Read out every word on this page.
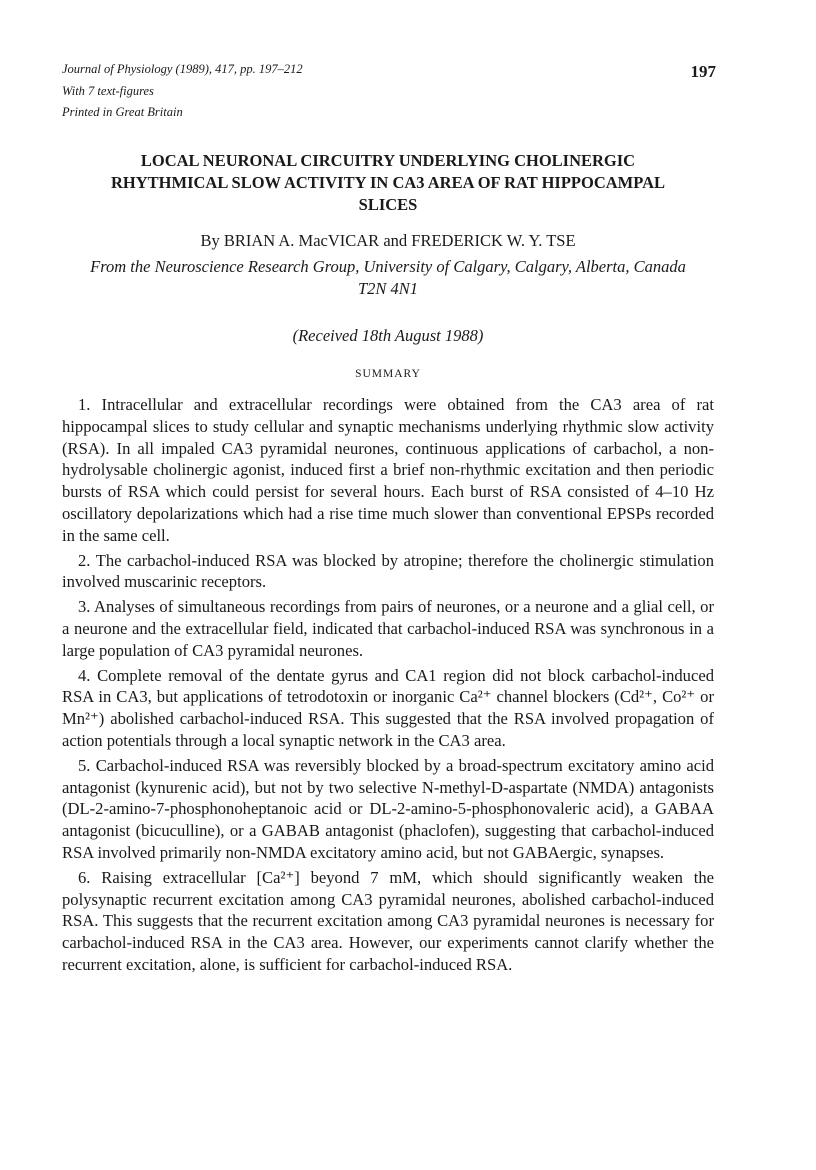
Journal of Physiology (1989), 417, pp. 197–212	197
With 7 text-figures
Printed in Great Britain
LOCAL NEURONAL CIRCUITRY UNDERLYING CHOLINERGIC RHYTHMICAL SLOW ACTIVITY IN CA3 AREA OF RAT HIPPOCAMPAL SLICES
By BRIAN A. MacVICAR and FREDERICK W. Y. TSE
From the Neuroscience Research Group, University of Calgary, Calgary, Alberta, Canada T2N 4N1
(Received 18th August 1988)
SUMMARY

1. Intracellular and extracellular recordings were obtained from the CA3 area of rat hippocampal slices to study cellular and synaptic mechanisms underlying rhythmic slow activity (RSA). In all impaled CA3 pyramidal neurones, continuous applications of carbachol, a non-hydrolysable cholinergic agonist, induced first a brief non-rhythmic excitation and then periodic bursts of RSA which could persist for several hours. Each burst of RSA consisted of 4–10 Hz oscillatory depolarizations which had a rise time much slower than conventional EPSPs recorded in the same cell.

2. The carbachol-induced RSA was blocked by atropine; therefore the cholinergic stimulation involved muscarinic receptors.

3. Analyses of simultaneous recordings from pairs of neurones, or a neurone and a glial cell, or a neurone and the extracellular field, indicated that carbachol-induced RSA was synchronous in a large population of CA3 pyramidal neurones.

4. Complete removal of the dentate gyrus and CA1 region did not block carbachol-induced RSA in CA3, but applications of tetrodotoxin or inorganic Ca²⁺ channel blockers (Cd²⁺, Co²⁺ or Mn²⁺) abolished carbachol-induced RSA. This suggested that the RSA involved propagation of action potentials through a local synaptic network in the CA3 area.

5. Carbachol-induced RSA was reversibly blocked by a broad-spectrum excitatory amino acid antagonist (kynurenic acid), but not by two selective N-methyl-D-aspartate (NMDA) antagonists (DL-2-amino-7-phosphonoheptanoic acid or DL-2-amino-5-phosphonovaleric acid), a GABAA antagonist (bicuculline), or a GABAB antagonist (phaclofen), suggesting that carbachol-induced RSA involved primarily non-NMDA excitatory amino acid, but not GABAergic, synapses.

6. Raising extracellular [Ca²⁺] beyond 7 mM, which should significantly weaken the polysynaptic recurrent excitation among CA3 pyramidal neurones, abolished carbachol-induced RSA. This suggests that the recurrent excitation among CA3 pyramidal neurones is necessary for carbachol-induced RSA in the CA3 area. However, our experiments cannot clarify whether the recurrent excitation, alone, is sufficient for carbachol-induced RSA.
